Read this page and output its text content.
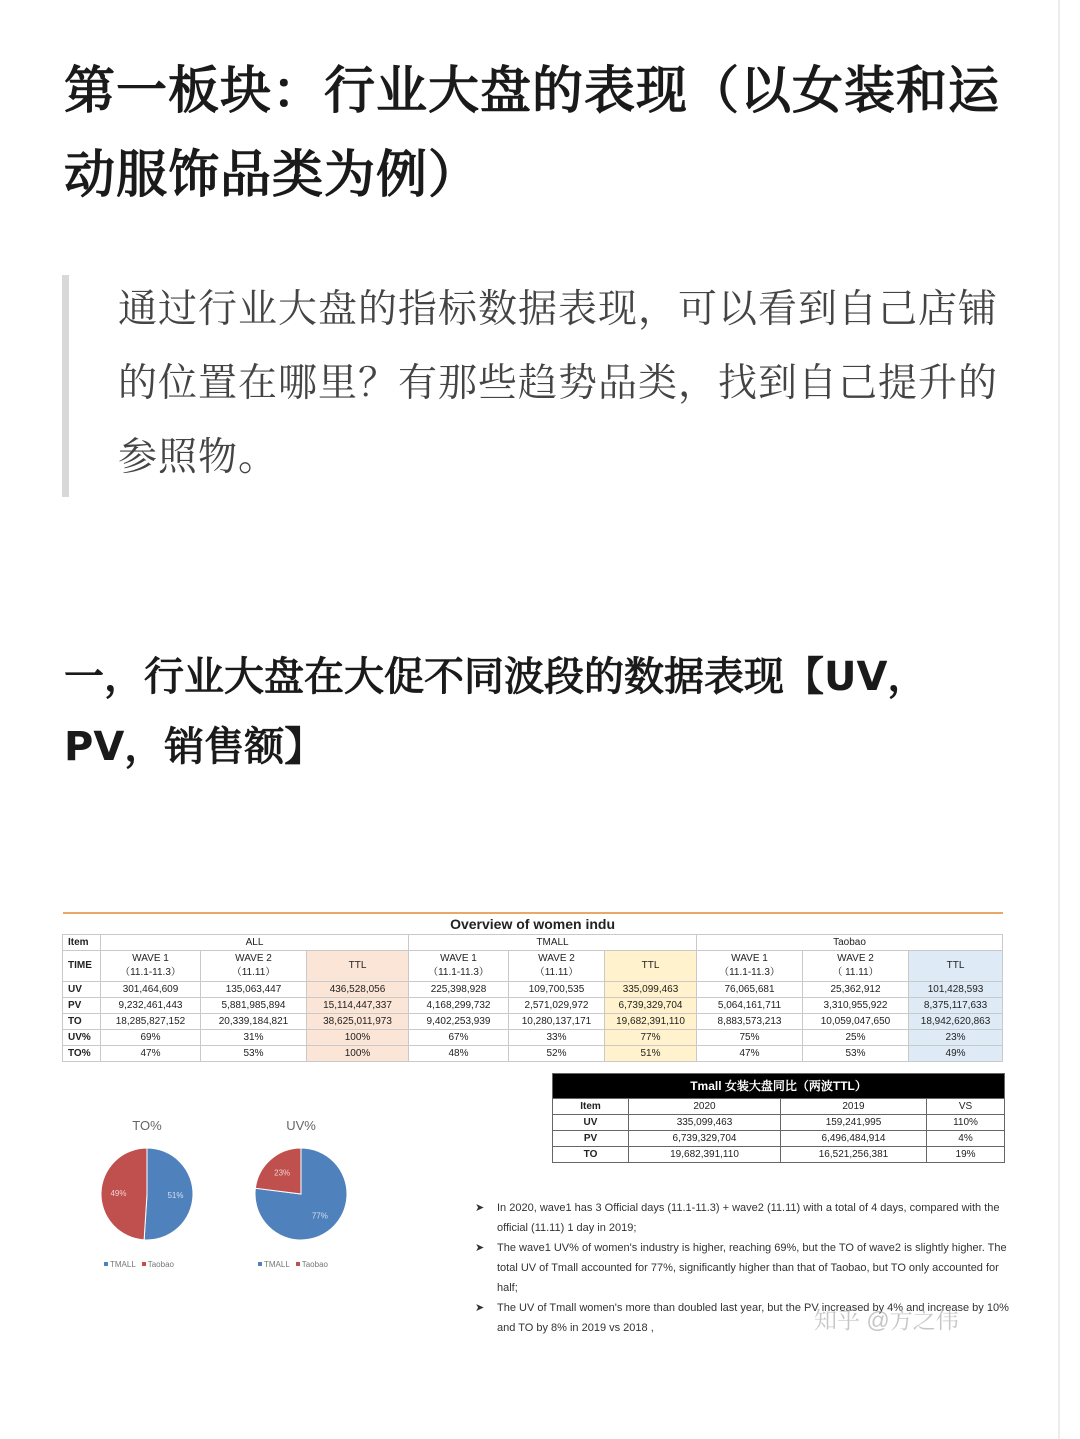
第一板块：行业大盘的表现（以女装和运动服饰品类为例）

通过行业大盘的指标数据表现，可以看到自己店铺的位置在哪里？有那些趋势品类，找到自己提升的参照物。

一，行业大盘在大促不同波段的数据表现【UV，PV，销售额】
Overview of women indu									
Item	ALL			TMALL			Taobao		
TIME	WAVE 1
（11.1-11.3）	WAVE 2
（11.11）	TTL	WAVE 1
（11.1-11.3）	WAVE 2
（11.11）	TTL	WAVE 1
（11.1-11.3）	WAVE 2
（ 11.11）	TTL
UV	301,464,609	135,063,447	436,528,056	225,398,928	109,700,535	335,099,463	76,065,681	25,362,912	101,428,593
PV	9,232,461,443	5,881,985,894	15,114,447,337	4,168,299,732	2,571,029,972	6,739,329,704	5,064,161,711	3,310,955,922	8,375,117,633
TO	18,285,827,152	20,339,184,821	38,625,011,973	9,402,253,939	10,280,137,171	19,682,391,110	8,883,573,213	10,059,047,650	18,942,620,863
UV%	69%	31%	100%	67%	33%	77%	75%	25%	23%
TO%	47%	53%	100%	48%	52%	51%	47%	53%	49%
Tmall 女装大盘同比（两波TTL）			
Item	2020	2019	VS
UV	335,099,463	159,241,995	110%
PV	6,739,329,704	6,496,484,914	4%
TO	19,682,391,110	16,521,256,381	19%
TO%
51%
49%
TMALL Taobao
UV%
77%
23%
TMALL Taobao
➤ In 2020, wave1 has 3 Official days (11.1-11.3) + wave2 (11.11) with a total of 4 days, compared with the official (11.11) 1 day in 2019;
➤ The wave1 UV% of women's industry is higher, reaching 69%, but the TO of wave2 is slightly higher. The total UV of Tmall accounted for 77%, significantly higher than that of Taobao, but TO only accounted for half;
➤ The UV of Tmall women's more than doubled last year, but the PV increased by 4% and increase by 10% and TO by 8% in 2019 vs 2018 ,	知乎 @方之伟
